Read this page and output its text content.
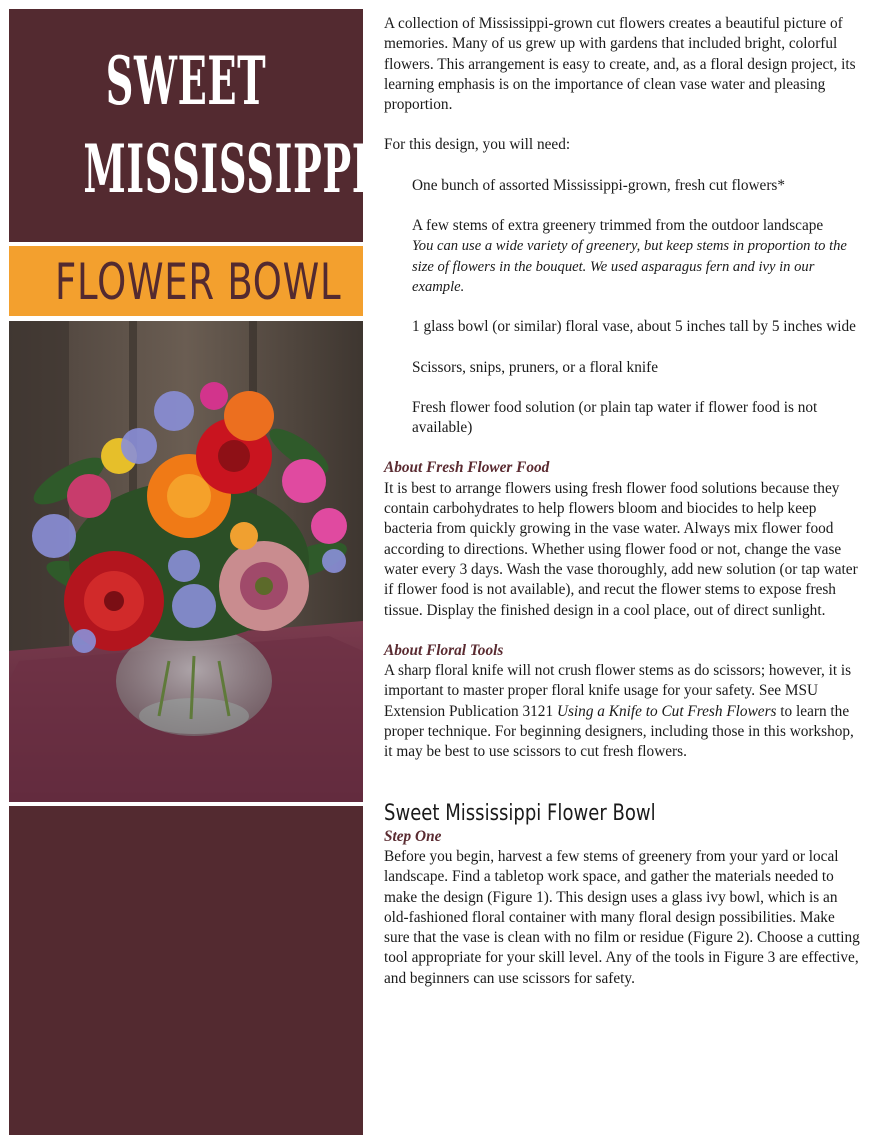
SWEET
MISSISSIPPI
FLOWER BOWL

A collection of Mississippi-grown cut flowers creates a beautiful picture of memories. Many of us grew up with gardens that included bright, colorful flowers. This arrangement is easy to create, and, as a floral design project, its learning emphasis is on the importance of clean vase water and pleasing proportion.

For this design, you will need:

One bunch of assorted Mississippi-grown, fresh cut flowers*

A few stems of extra greenery trimmed from the outdoor landscape
You can use a wide variety of greenery, but keep stems in proportion to the size of flowers in the bouquet. We used asparagus fern and ivy in our example.

1 glass bowl (or similar) floral vase, about 5 inches tall by 5 inches wide

Scissors, snips, pruners, or a floral knife

Fresh flower food solution (or plain tap water if flower food is not available)

About Fresh Flower Food

It is best to arrange flowers using fresh flower food solutions because they contain carbohydrates to help flowers bloom and biocides to help keep bacteria from quickly growing in the vase water. Always mix flower food according to directions. Whether using flower food or not, change the vase water every 3 days. Wash the vase thoroughly, add new solution (or tap water if flower food is not available), and recut the flower stems to expose fresh tissue. Display the finished design in a cool place, out of direct sunlight.

About Floral Tools

A sharp floral knife will not crush flower stems as do scissors; however, it is important to master proper floral knife usage for your safety. See MSU Extension Publication 3121 Using a Knife to Cut Fresh Flowers to learn the proper technique. For beginning designers, including those in this workshop, it may be best to use scissors to cut fresh flowers.

Sweet Mississippi Flower Bowl

Step One

Before you begin, harvest a few stems of greenery from your yard or local landscape. Find a tabletop work space, and gather the materials needed to make the design (Figure 1). This design uses a glass ivy bowl, which is an old-fashioned floral container with many floral design possibilities. Make sure that the vase is clean with no film or residue (Figure 2). Choose a cutting tool appropriate for your skill level. Any of the tools in Figure 3 are effective, and beginners can use scissors for safety.
